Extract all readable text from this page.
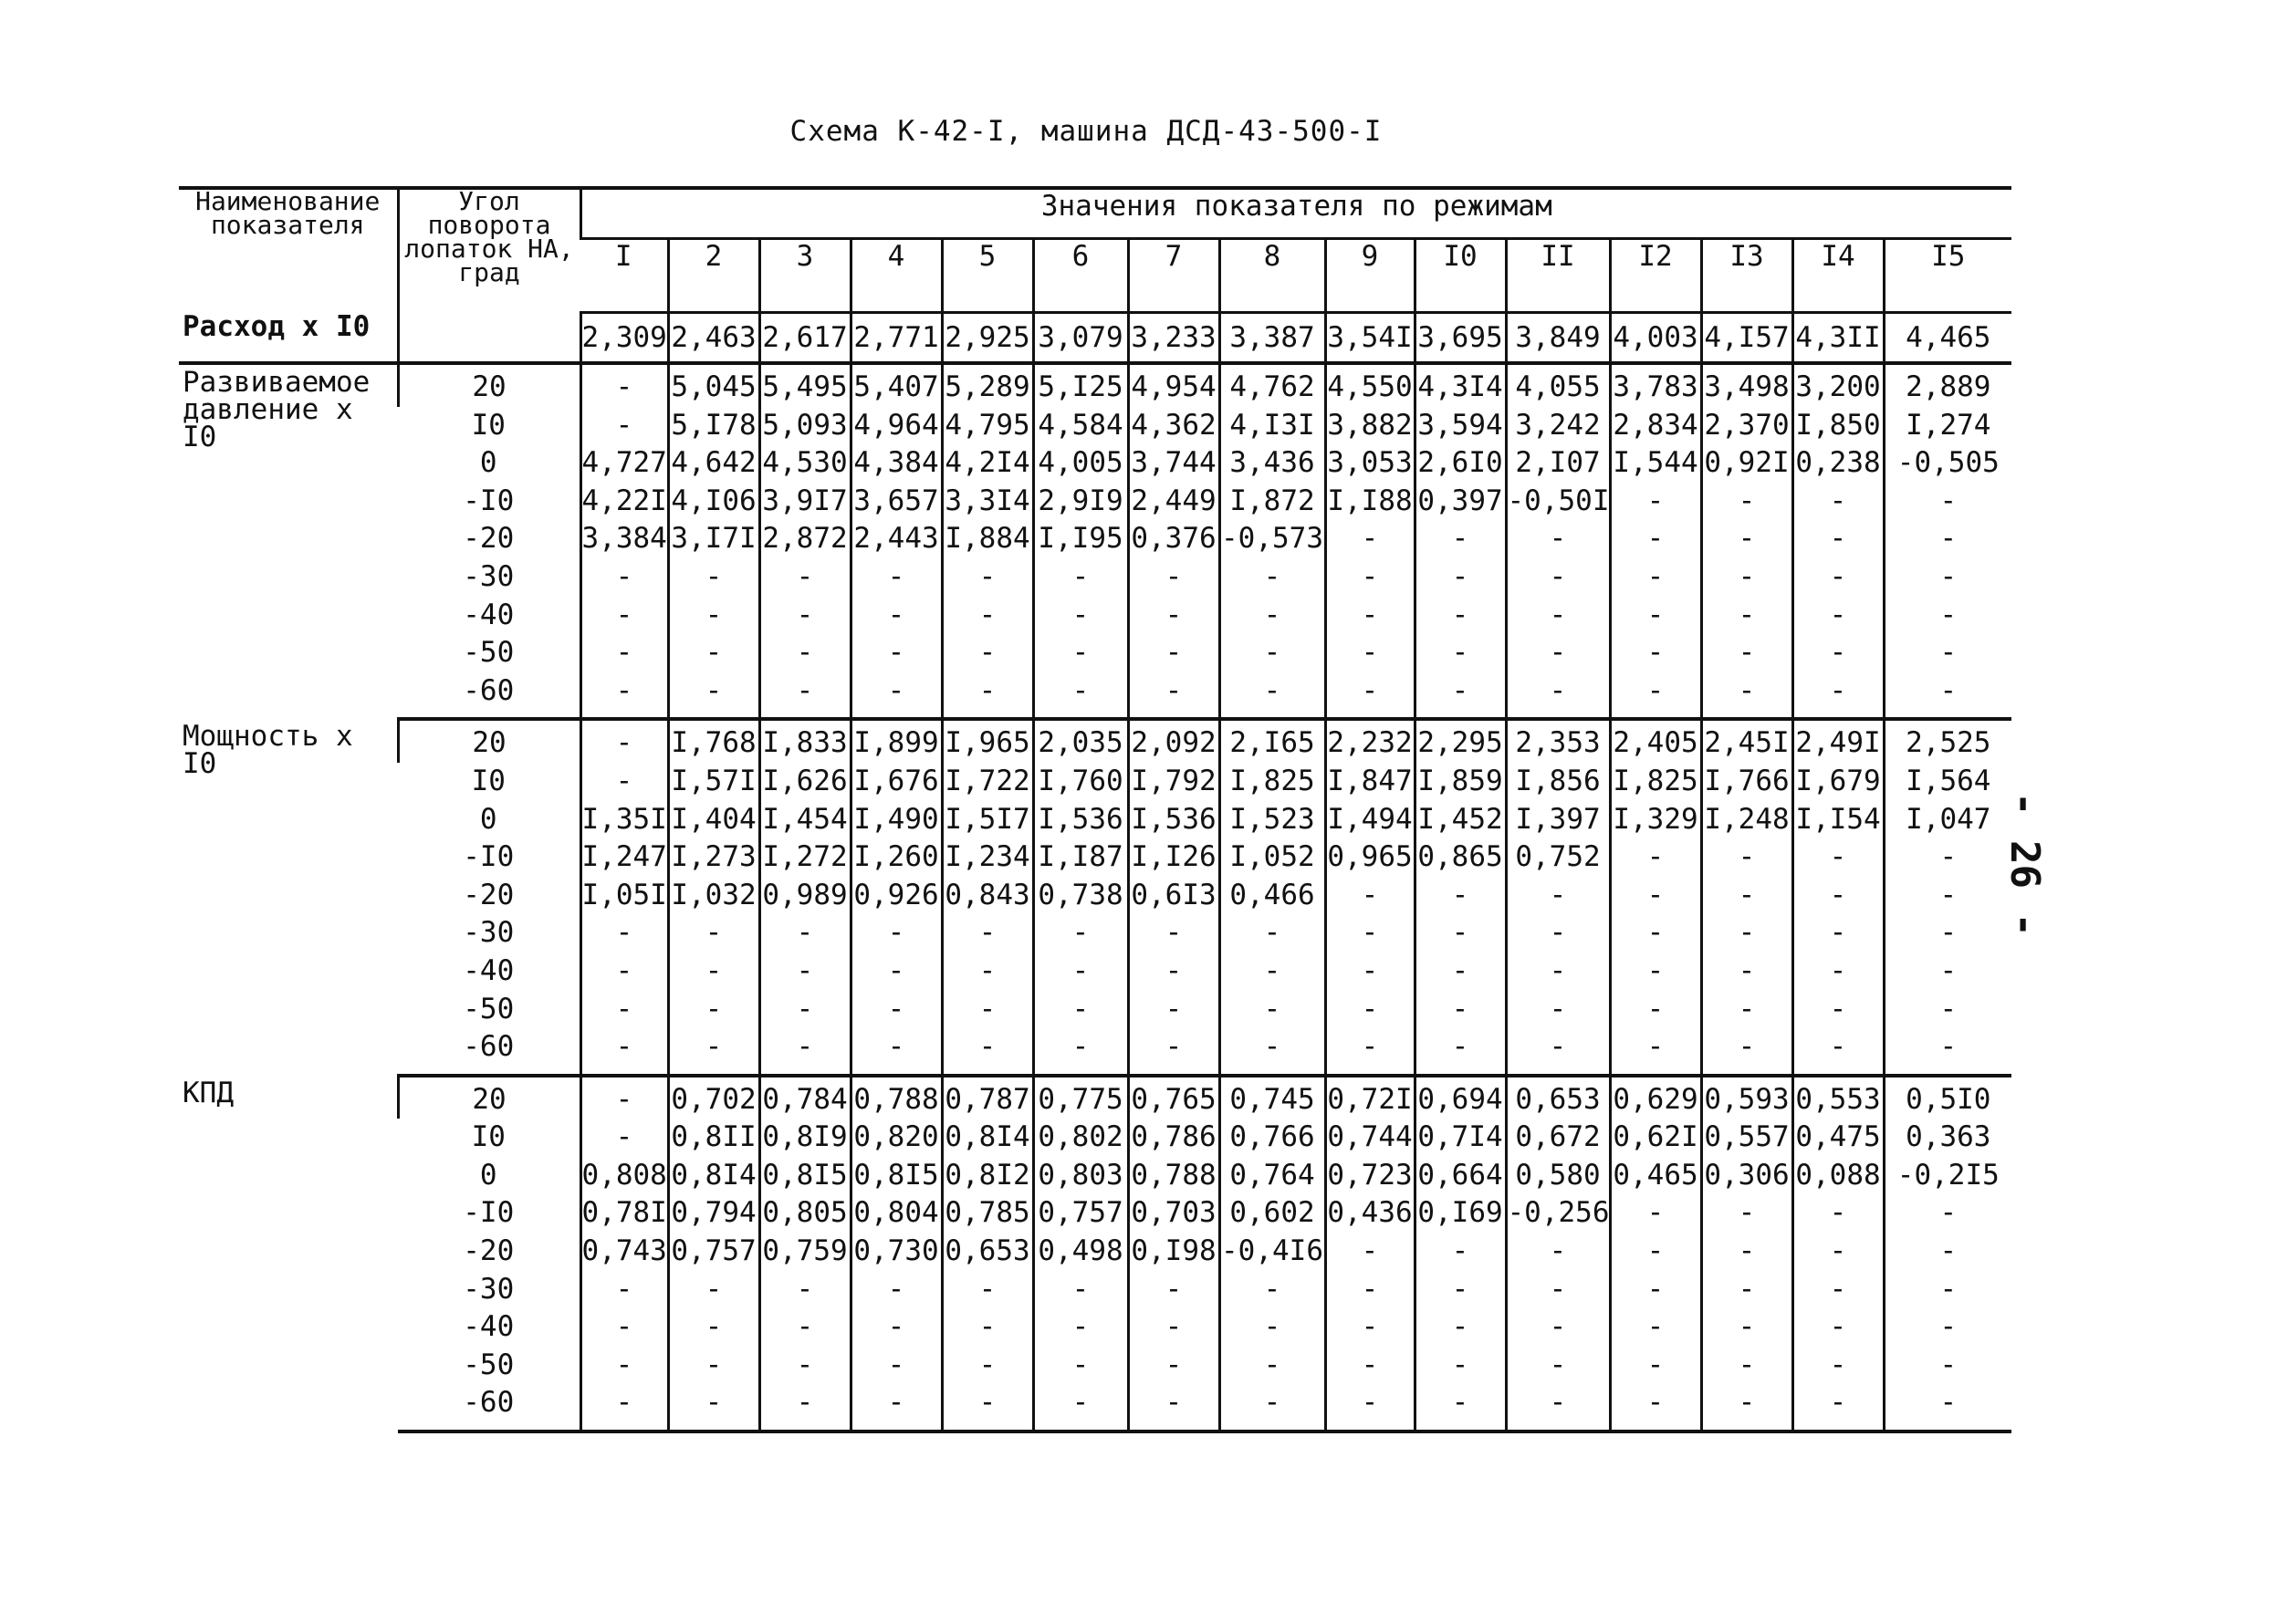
Схема К-42-I, машина ДСД-43-500-I
- 26 -
Наименование показателя	Угол поворота лопаток НА, град	Значения показателя по режимам														
		I	2	3	4	5	6	7	8	9	I0	II	I2	I3	I4	I5
Расход x I0		2,309	2,463	2,617	2,771	2,925	3,079	3,233	3,387	3,54I	3,695	3,849	4,003	4,I57	4,3II	4,465
Развиваемое давление x I0	20	-	5,045	5,495	5,407	5,289	5,I25	4,954	4,762	4,550	4,3I4	4,055	3,783	3,498	3,200	2,889
	I0	-	5,I78	5,093	4,964	4,795	4,584	4,362	4,I3I	3,882	3,594	3,242	2,834	2,370	I,850	I,274
	0	4,727	4,642	4,530	4,384	4,2I4	4,005	3,744	3,436	3,053	2,6I0	2,I07	I,544	0,92I	0,238	-0,505
	-I0	4,22I	4,I06	3,9I7	3,657	3,3I4	2,9I9	2,449	I,872	I,I88	0,397	-0,50I	-	-	-	-
	-20	3,384	3,I7I	2,872	2,443	I,884	I,I95	0,376	-0,573	-	-	-	-	-	-	-
	-30	-	-	-	-	-	-	-	-	-	-	-	-	-	-	-
	-40	-	-	-	-	-	-	-	-	-	-	-	-	-	-	-
	-50	-	-	-	-	-	-	-	-	-	-	-	-	-	-	-
	-60	-	-	-	-	-	-	-	-	-	-	-	-	-	-	-
Мощность x I0	20	-	I,768	I,833	I,899	I,965	2,035	2,092	2,I65	2,232	2,295	2,353	2,405	2,45I	2,49I	2,525
	I0	-	I,57I	I,626	I,676	I,722	I,760	I,792	I,825	I,847	I,859	I,856	I,825	I,766	I,679	I,564
	0	I,35I	I,404	I,454	I,490	I,5I7	I,536	I,536	I,523	I,494	I,452	I,397	I,329	I,248	I,I54	I,047
	-I0	I,247	I,273	I,272	I,260	I,234	I,I87	I,I26	I,052	0,965	0,865	0,752	-	-	-	-
	-20	I,05I	I,032	0,989	0,926	0,843	0,738	0,6I3	0,466	-	-	-	-	-	-	-
	-30	-	-	-	-	-	-	-	-	-	-	-	-	-	-	-
	-40	-	-	-	-	-	-	-	-	-	-	-	-	-	-	-
	-50	-	-	-	-	-	-	-	-	-	-	-	-	-	-	-
	-60	-	-	-	-	-	-	-	-	-	-	-	-	-	-	-
КПД	20	-	0,702	0,784	0,788	0,787	0,775	0,765	0,745	0,72I	0,694	0,653	0,629	0,593	0,553	0,5I0
	I0	-	0,8II	0,8I9	0,820	0,8I4	0,802	0,786	0,766	0,744	0,7I4	0,672	0,62I	0,557	0,475	0,363
	0	0,808	0,8I4	0,8I5	0,8I5	0,8I2	0,803	0,788	0,764	0,723	0,664	0,580	0,465	0,306	0,088	-0,2I5
	-I0	0,78I	0,794	0,805	0,804	0,785	0,757	0,703	0,602	0,436	0,I69	-0,256	-	-	-	-
	-20	0,743	0,757	0,759	0,730	0,653	0,498	0,I98	-0,4I6	-	-	-	-	-	-	-
	-30	-	-	-	-	-	-	-	-	-	-	-	-	-	-	-
	-40	-	-	-	-	-	-	-	-	-	-	-	-	-	-	-
	-50	-	-	-	-	-	-	-	-	-	-	-	-	-	-	-
	-60	-	-	-	-	-	-	-	-	-	-	-	-	-	-	-
